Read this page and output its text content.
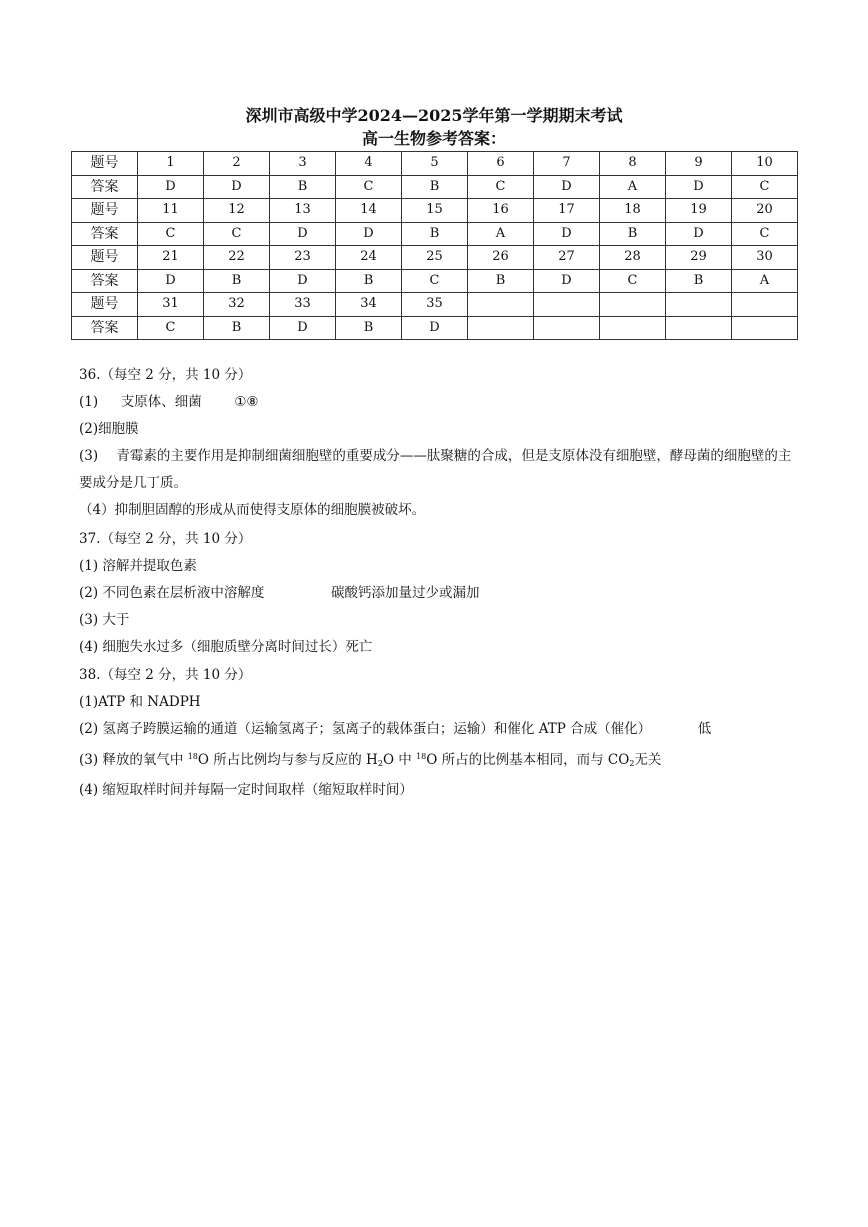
深圳市高级中学2024—2025学年第一学期期末考试
高一生物参考答案：
题号	1	2	3	4	5	6	7	8	9	10
答案	D	D	B	C	B	C	D	A	D	C
题号	11	12	13	14	15	16	17	18	19	20
答案	C	C	D	D	B	A	D	B	D	C
题号	21	22	23	24	25	26	27	28	29	30
答案	D	B	D	B	C	B	D	C	B	A
题号	31	32	33	34	35					
答案	C	B	D	B	D					
36.（每空 2 分，共 10 分）
(1) 支原体、细菌 ①⑧
(2)细胞膜
(3) 青霉素的主要作用是抑制细菌细胞壁的重要成分——肽聚糖的合成，但是支原体没有细胞壁，酵母菌的细胞壁的主要成分是几丁质。
（4）抑制胆固醇的形成从而使得支原体的细胞膜被破坏。
37.（每空 2 分，共 10 分）
(1) 溶解并提取色素
(2) 不同色素在层析液中溶解度	碳酸钙添加量过少或漏加
(3) 大于
(4) 细胞失水过多（细胞质壁分离时间过长）死亡
38.（每空 2 分，共 10 分）
(1)ATP 和 NADPH
(2) 氢离子跨膜运输的通道（运输氢离子；氢离子的载体蛋白；运输）和催化 ATP 合成（催化）	低
(3) 释放的氧气中 $^{18}$O 所占比例均与参与反应的 $H_2O$ 中 $^{18}$O 所占的比例基本相同，而与 $CO_2$无关
(4) 缩短取样时间并每隔一定时间取样（缩短取样时间）
